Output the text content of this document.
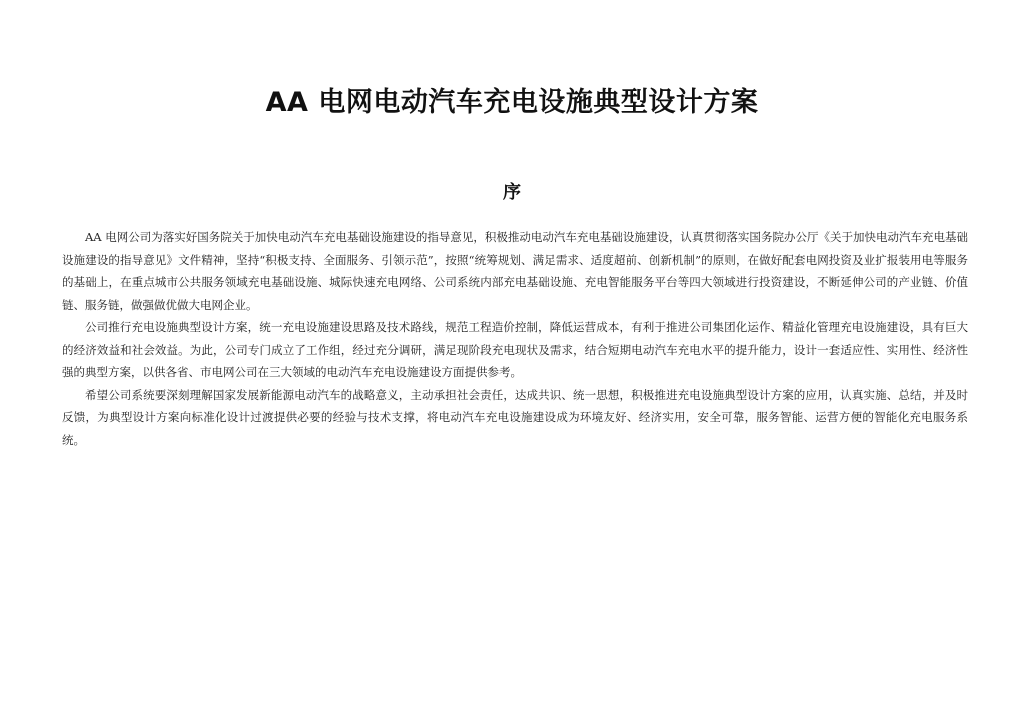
AA 电网电动汽车充电设施典型设计方案
序

AA 电网公司为落实好国务院关于加快电动汽车充电基础设施建设的指导意见，积极推动电动汽车充电基础设施建设，认真贯彻落实国务院办公厅《关于加快电动汽车充电基础设施建设的指导意见》文件精神，坚持“积极支持、全面服务、引领示范”，按照“统筹规划、满足需求、适度超前、创新机制”的原则，在做好配套电网投资及业扩报装用电等服务的基础上，在重点城市公共服务领域充电基础设施、城际快速充电网络、公司系统内部充电基础设施、充电智能服务平台等四大领域进行投资建设，不断延伸公司的产业链、价值链、服务链，做强做优做大电网企业。

公司推行充电设施典型设计方案，统一充电设施建设思路及技术路线，规范工程造价控制，降低运营成本，有利于推进公司集团化运作、精益化管理充电设施建设，具有巨大的经济效益和社会效益。为此，公司专门成立了工作组，经过充分调研，满足现阶段充电现状及需求，结合短期电动汽车充电水平的提升能力，设计一套适应性、实用性、经济性强的典型方案，以供各省、市电网公司在三大领域的电动汽车充电设施建设方面提供参考。

希望公司系统要深刻理解国家发展新能源电动汽车的战略意义，主动承担社会责任，达成共识、统一思想，积极推进充电设施典型设计方案的应用，认真实施、总结，并及时反馈，为典型设计方案向标准化设计过渡提供必要的经验与技术支撑，将电动汽车充电设施建设成为环境友好、经济实用，安全可靠，服务智能、运营方便的智能化充电服务系统。
